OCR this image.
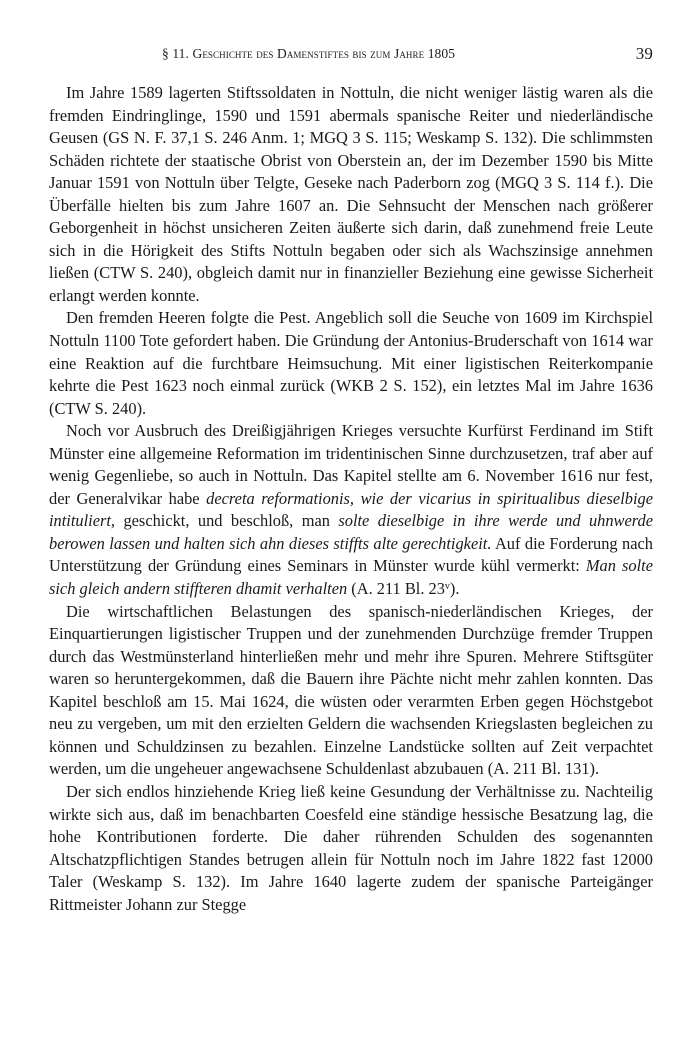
§ 11. Geschichte des Damenstiftes bis zum Jahre 1805	39

Im Jahre 1589 lagerten Stiftssoldaten in Nottuln, die nicht weniger lästig waren als die fremden Eindringlinge, 1590 und 1591 abermals spanische Reiter und niederländische Geusen (GS N. F. 37,1 S. 246 Anm. 1; MGQ 3 S. 115; Weskamp S. 132). Die schlimmsten Schäden richtete der staatische Obrist von Oberstein an, der im Dezember 1590 bis Mitte Januar 1591 von Nottuln über Telgte, Geseke nach Paderborn zog (MGQ 3 S. 114 f.). Die Überfälle hielten bis zum Jahre 1607 an. Die Sehnsucht der Menschen nach größerer Geborgenheit in höchst unsicheren Zeiten äußerte sich darin, daß zunehmend freie Leute sich in die Hörigkeit des Stifts Nottuln begaben oder sich als Wachszinsige annehmen ließen (CTW S. 240), obgleich damit nur in finanzieller Beziehung eine gewisse Sicherheit erlangt werden konnte.

Den fremden Heeren folgte die Pest. Angeblich soll die Seuche von 1609 im Kirchspiel Nottuln 1100 Tote gefordert haben. Die Gründung der Antonius-Bruderschaft von 1614 war eine Reaktion auf die furchtbare Heimsuchung. Mit einer ligistischen Reiterkompanie kehrte die Pest 1623 noch einmal zurück (WKB 2 S. 152), ein letztes Mal im Jahre 1636 (CTW S. 240).

Noch vor Ausbruch des Dreißigjährigen Krieges versuchte Kurfürst Ferdinand im Stift Münster eine allgemeine Reformation im tridentinischen Sinne durchzusetzen, traf aber auf wenig Gegenliebe, so auch in Nottuln. Das Kapitel stellte am 6. November 1616 nur fest, der Generalvikar habe decreta reformationis, wie der vicarius in spiritualibus dieselbige intituliert, geschickt, und beschloß, man solte dieselbige in ihre werde und uhnwerde berowen lassen und halten sich ahn dieses stiffts alte gerechtigkeit. Auf die Forderung nach Unterstützung der Gründung eines Seminars in Münster wurde kühl vermerkt: Man solte sich gleich andern stiffteren dhamit verhalten (A. 211 Bl. 23$^v$).

Die wirtschaftlichen Belastungen des spanisch-niederländischen Krieges, der Einquartierungen ligistischer Truppen und der zunehmenden Durchzüge fremder Truppen durch das Westmünsterland hinterließen mehr und mehr ihre Spuren. Mehrere Stiftsgüter waren so heruntergekommen, daß die Bauern ihre Pächte nicht mehr zahlen konnten. Das Kapitel beschloß am 15. Mai 1624, die wüsten oder verarmten Erben gegen Höchstgebot neu zu vergeben, um mit den erzielten Geldern die wachsenden Kriegslasten begleichen zu können und Schuldzinsen zu bezahlen. Einzelne Landstücke sollten auf Zeit verpachtet werden, um die ungeheuer angewachsene Schuldenlast abzubauen (A. 211 Bl. 131).

Der sich endlos hinziehende Krieg ließ keine Gesundung der Verhältnisse zu. Nachteilig wirkte sich aus, daß im benachbarten Coesfeld eine ständige hessische Besatzung lag, die hohe Kontributionen forderte. Die daher rührenden Schulden des sogenannten Altschatzpflichtigen Standes betrugen allein für Nottuln noch im Jahre 1822 fast 12000 Taler (Weskamp S. 132). Im Jahre 1640 lagerte zudem der spanische Parteigänger Rittmeister Johann zur Stegge
